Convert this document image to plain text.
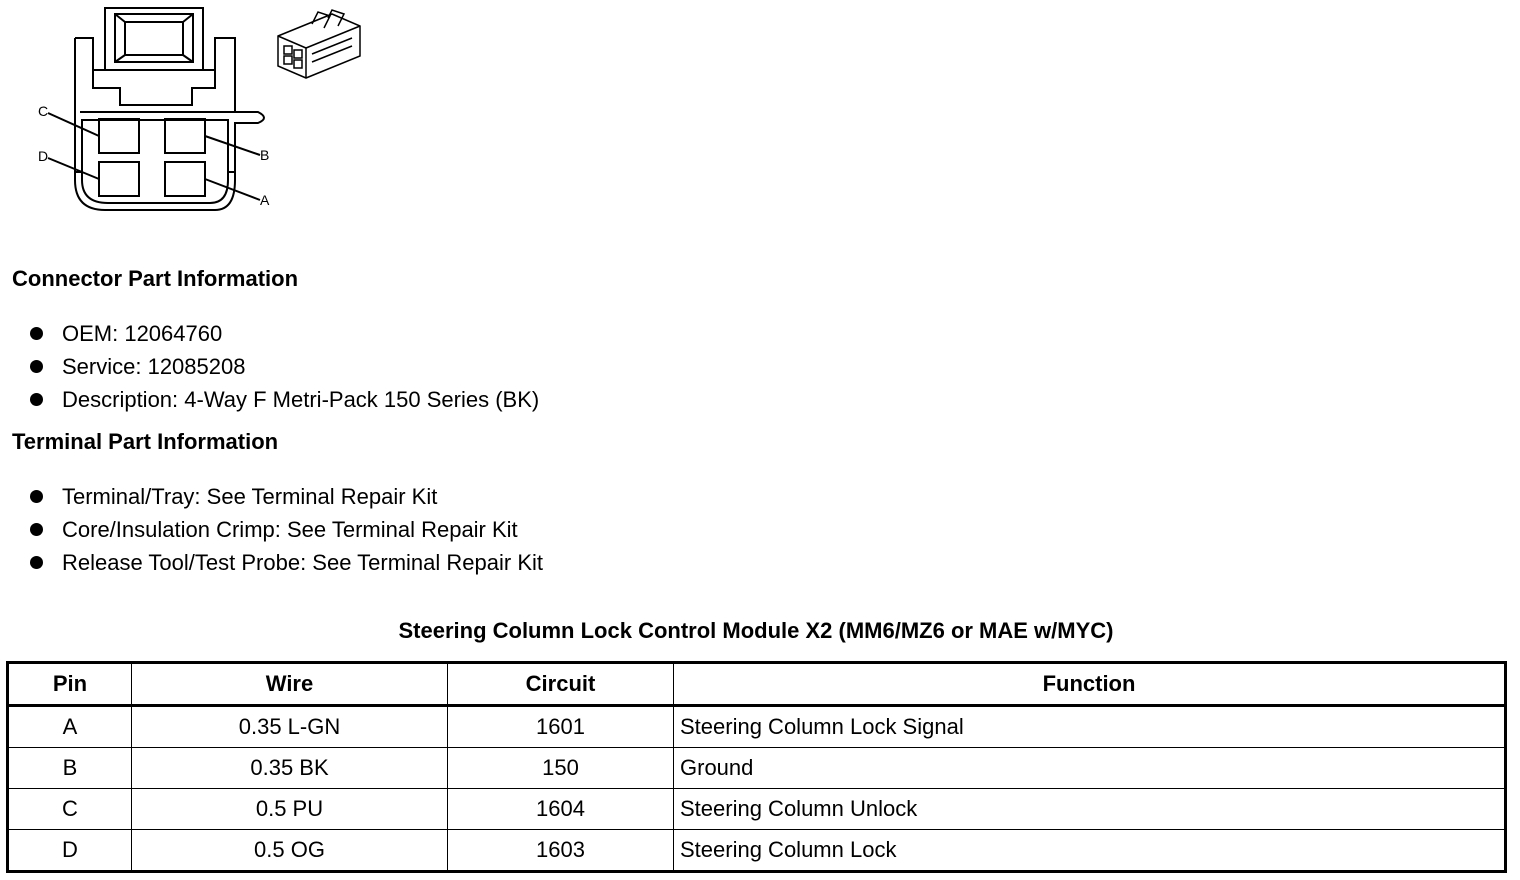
C
D	B
A
Connector Part Information
OEM: 12064760
Service: 12085208
Description: 4-Way F Metri-Pack 150 Series (BK)
Terminal Part Information
Terminal/Tray: See Terminal Repair Kit
Core/Insulation Crimp: See Terminal Repair Kit
Release Tool/Test Probe: See Terminal Repair Kit
Steering Column Lock Control Module X2 (MM6/MZ6 or MAE w/MYC)
Pin	Wire	Circuit	Function
A	0.35 L-GN	1601	Steering Column Lock Signal
B	0.35 BK	150	Ground
C	0.5 PU	1604	Steering Column Unlock
D	0.5 OG	1603	Steering Column Lock
